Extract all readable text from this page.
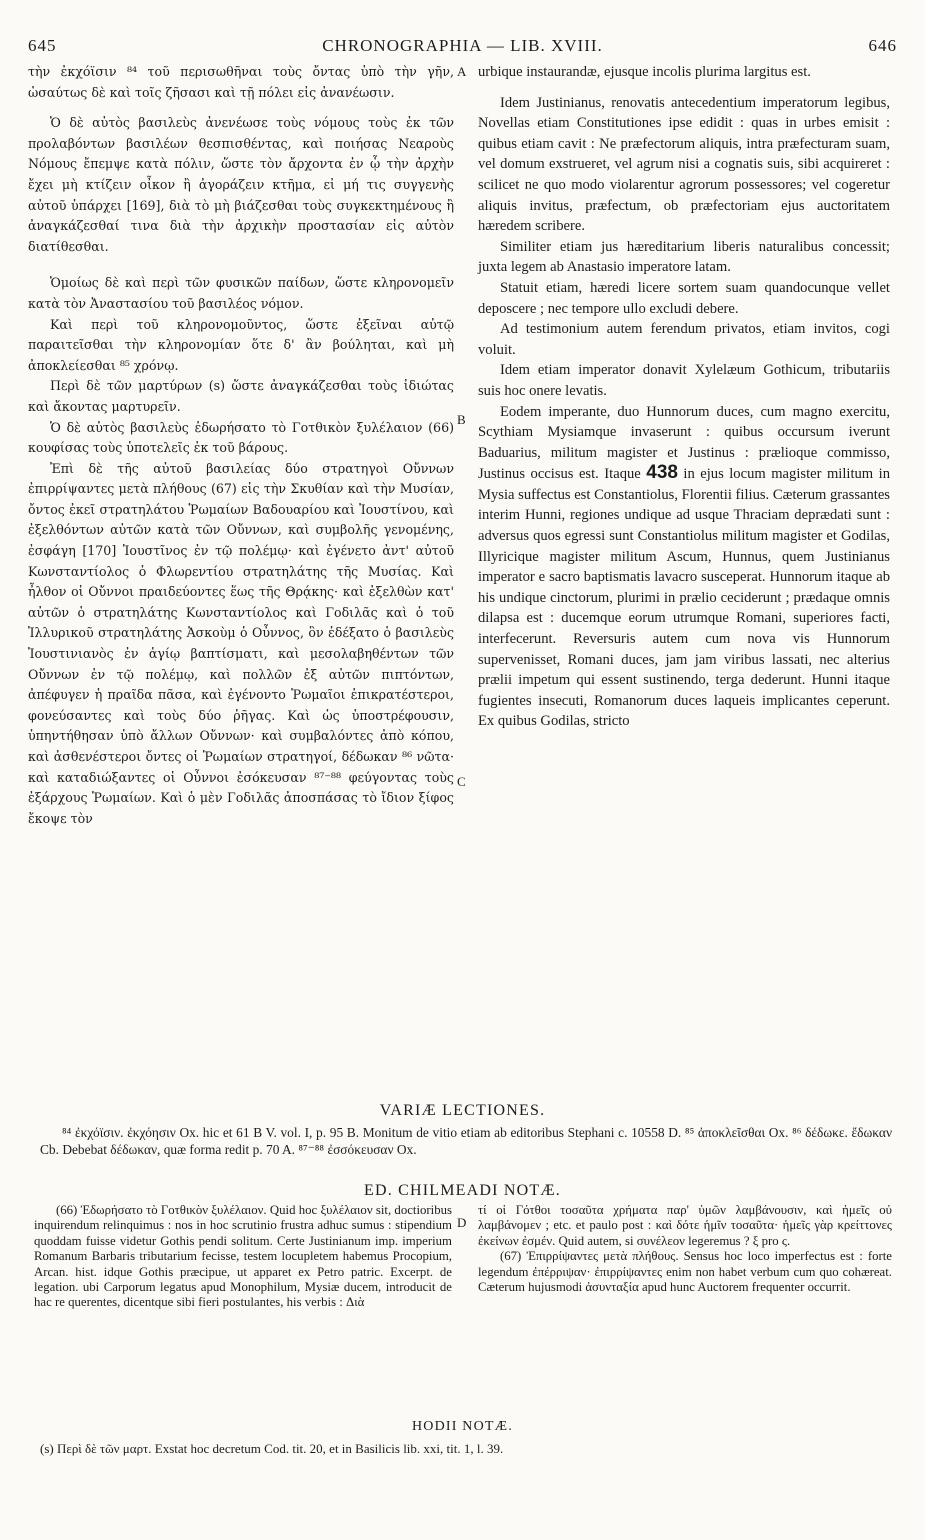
CHRONOGRAPHIA — LIB. XVIII.
645	646
A
B
C
D

τὴν ἐκχόϊσιν ⁸⁴ τοῦ περισωθῆναι τοὺς ὄντας ὑπὸ τὴν γῆν, ὡσαύτως δὲ καὶ τοῖς ζῆσασι καὶ τῇ πόλει εἰς ἀνανέωσιν.

Ὁ δὲ αὐτὸς βασιλεὺς ἀνενέωσε τοὺς νόμους τοὺς ἐκ τῶν προλαβόντων βασιλέων θεσπισθέντας, καὶ ποιήσας Νεαροὺς Νόμους ἔπεμψε κατὰ πόλιν, ὥστε τὸν ἄρχοντα ἐν ᾧ τὴν ἀρχὴν ἔχει μὴ κτίζειν οἶκον ἢ ἀγοράζειν κτῆμα, εἰ μή τις συγγενὴς αὐτοῦ ὑπάρχει [169], διὰ τὸ μὴ βιάζεσθαι τοὺς συγκεκτημένους ἢ ἀναγκάζεσθαί τινα διὰ τὴν ἀρχικὴν προστασίαν εἰς αὐτὸν διατίθεσθαι.

Ὁμοίως δὲ καὶ περὶ τῶν φυσικῶν παίδων, ὥστε κληρονομεῖν κατὰ τὸν Ἀναστασίου τοῦ βασιλέος νόμον.

Καὶ περὶ τοῦ κληρονομοῦντος, ὥστε ἐξεῖναι αὐτῷ παραιτεῖσθαι τὴν κληρονομίαν ὅτε δ' ἂν βούληται, καὶ μὴ ἀποκλείεσθαι ⁸⁵ χρόνῳ.

Περὶ δὲ τῶν μαρτύρων (s) ὥστε ἀναγκάζεσθαι τοὺς ἰδιώτας καὶ ἄκοντας μαρτυρεῖν.

Ὁ δὲ αὐτὸς βασιλεὺς ἐδωρήσατο τὸ Γοτθικὸν ξυλέλαιον (66) κουφίσας τοὺς ὑποτελεῖς ἐκ τοῦ βάρους.

Ἐπὶ δὲ τῆς αὐτοῦ βασιλείας δύο στρατηγοὶ Οὔννων ἐπιρρίψαντες μετὰ πλήθους (67) εἰς τὴν Σκυθίαν καὶ τὴν Μυσίαν, ὄντος ἐκεῖ στρατηλάτου Ῥωμαίων Βαδουαρίου καὶ Ἰουστίνου, καὶ ἐξελθόντων αὐτῶν κατὰ τῶν Οὔννων, καὶ συμβολῆς γενομένης, ἐσφάγη [170] Ἰουστῖνος ἐν τῷ πολέμῳ· καὶ ἐγένετο ἀντ' αὐτοῦ Κωνσταντίολος ὁ Φλωρεντίου στρατηλάτης τῆς Μυσίας. Καὶ ἦλθον οἱ Οὔννοι πραιδεύοντες ἕως τῆς Θρᾴκης· καὶ ἐξελθὼν κατ' αὐτῶν ὁ στρατηλάτης Κωνσταντίολος καὶ Γοδιλᾶς καὶ ὁ τοῦ Ἰλλυρικοῦ στρατηλάτης Ἀσκοὺμ ὁ Οὖννος, ὃν ἐδέξατο ὁ βασιλεὺς Ἰουστινιανὸς ἐν ἁγίῳ βαπτίσματι, καὶ μεσολαβηθέντων τῶν Οὔννων ἐν τῷ πολέμῳ, καὶ πολλῶν ἐξ αὐτῶν πιπτόντων, ἀπέφυγεν ἡ πραῖδα πᾶσα, καὶ ἐγένοντο Ῥωμαῖοι ἐπικρατέστεροι, φονεύσαντες καὶ τοὺς δύο ῥῆγας. Καὶ ὡς ὑποστρέφουσιν, ὑπηντήθησαν ὑπὸ ἄλλων Οὔννων· καὶ συμβαλόντες ἀπὸ κόπου, καὶ ἀσθενέστεροι ὄντες οἱ Ῥωμαίων στρατηγοί, δέδωκαν ⁸⁶ νῶτα· καὶ καταδιώξαντες οἱ Οὖννοι ἐσόκευσαν ⁸⁷⁻⁸⁸ φεύγοντας τοὺς ἐξάρχους Ῥωμαίων. Καὶ ὁ μὲν Γοδιλᾶς ἀποσπάσας τὸ ἴδιον ξίφος ἔκοψε τὸν

urbique instaurandæ, ejusque incolis plurima largitus est.

Idem Justinianus, renovatis antecedentium imperatorum legibus, Novellas etiam Constitutiones ipse edidit : quas in urbes emisit : quibus etiam cavit : Ne præfectorum aliquis, intra præfecturam suam, vel domum exstrueret, vel agrum nisi a cognatis suis, sibi acquireret : scilicet ne quo modo violarentur agrorum possessores; vel cogeretur aliquis invitus, præfectum, ob præfectoriam ejus auctoritatem hæredem scribere.

Similiter etiam jus hæreditarium liberis naturalibus concessit; juxta legem ab Anastasio imperatore latam.

Statuit etiam, hæredi licere sortem suam quandocunque vellet deposcere ; nec tempore ullo excludi debere.

Ad testimonium autem ferendum privatos, etiam invitos, cogi voluit.

Idem etiam imperator donavit Xylelæum Gothicum, tributariis suis hoc onere levatis.

Eodem imperante, duo Hunnorum duces, cum magno exercitu, Scythiam Mysiamque invaserunt : quibus occursum iverunt Baduarius, militum magister et Justinus : prælioque commisso, Justinus occisus est. Itaque 438 in ejus locum magister militum in Mysia suffectus est Constantiolus, Florentii filius. Cæterum grassantes interim Hunni, regiones undique ad usque Thraciam deprædati sunt : adversus quos egressi sunt Constantiolus militum magister et Godilas, Illyricique magister militum Ascum, Hunnus, quem Justinianus imperator e sacro baptismatis lavacro susceperat. Hunnorum itaque ab his undique cinctorum, plurimi in prælio ceciderunt ; prædaque omnis dilapsa est : ducemque eorum utrumque Romani, superiores facti, interfecerunt. Reversuris autem cum nova vis Hunnorum supervenisset, Romani duces, jam jam viribus lassati, nec alterius prælii impetum qui essent sustinendo, terga dederunt. Hunni itaque fugientes insecuti, Romanorum duces laqueis implicantes ceperunt. Ex quibus Godilas, stricto

VARIÆ LECTIONES.

⁸⁴ ἐκχόϊσιν. ἐκχόησιν Ox. hic et 61 B V. vol. I, p. 95 B. Monitum de vitio etiam ab editoribus Stephani c. 10558 D. ⁸⁵ ἀποκλεῖσθαι Ox. ⁸⁶ δέδωκε. ἔδωκαν Cb. Debebat δέδωκαν, quæ forma redit p. 70 A. ⁸⁷⁻⁸⁸ ἐσσόκευσαν Ox.

ED. CHILMEADI NOTÆ.

(66) Ἐδωρήσατο τὸ Γοτθικὸν ξυλέλαιον. Quid hoc ξυλέλαιον sit, doctioribus inquirendum relinquimus : nos in hoc scrutinio frustra adhuc sumus : stipendium quoddam fuisse videtur Gothis pendi solitum. Certe Justinianum imp. imperium Romanum Barbaris tributarium fecisse, testem locupletem habemus Procopium, Arcan. hist. idque Gothis præcipue, ut apparet ex Petro patric. Excerpt. de legation. ubi Carporum legatus apud Monophilum, Mysiæ ducem, introducit de hac re querentes, dicentque sibi fieri postulantes, his verbis : Διὰ

τί οἱ Γότθοι τοσαῦτα χρήματα παρ' ὑμῶν λαμβάνουσιν, καὶ ἡμεῖς οὐ λαμβάνομεν ; etc. et paulo post : καὶ δότε ἡμῖν τοσαῦτα· ἡμεῖς γὰρ κρείττονες ἐκείνων ἐσμέν. Quid autem, si συνέλεον legeremus ? ξ pro ς.

(67) Ἐπιρρίψαντες μετὰ πλήθους. Sensus hoc loco imperfectus est : forte legendum ἐπέρριψαν· ἐπιρρίψαντες enim non habet verbum cum quo cohæreat. Cæterum hujusmodi ἀσυνταξία apud hunc Auctorem frequenter occurrit.

HODII NOTÆ.
(s) Περὶ δὲ τῶν μαρτ. Exstat hoc decretum Cod. tit. 20, et in Basilicis lib. xxi, tit. 1, l. 39.
